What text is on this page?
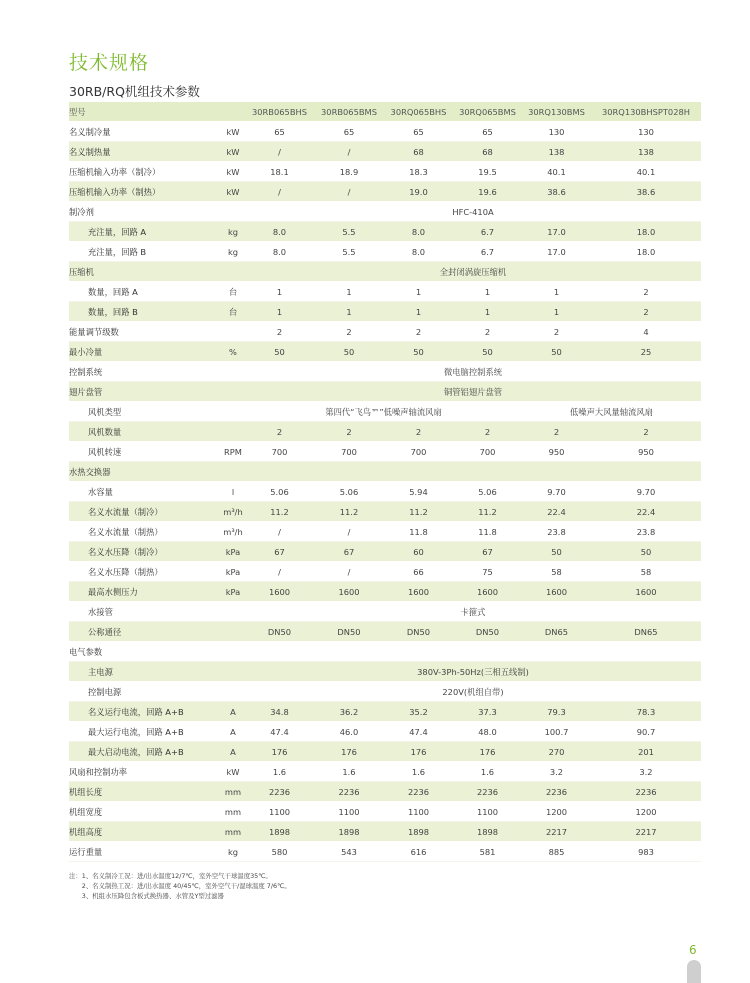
技术规格
30RB/RQ机组技术参数
型号		30RB065BHS	30RB065BMS	30RQ065BHS	30RQ065BMS	30RQ130BMS	30RQ130BHSPT028H
名义制冷量	kW	65	65	65	65	130	130
名义制热量	kW	/	/	68	68	138	138
压缩机输入功率（制冷）	kW	18.1	18.9	18.3	19.5	40.1	40.1
压缩机输入功率（制热）	kW	/	/	19.0	19.6	38.6	38.6
制冷剂		HFC-410A					
充注量，回路 A	kg	8.0	5.5	8.0	6.7	17.0	18.0
充注量，回路 B	kg	8.0	5.5	8.0	6.7	17.0	18.0
压缩机		全封闭涡旋压缩机					
数量，回路 A	台	1	1	1	1	1	2
数量，回路 B	台	1	1	1	1	1	2
能量调节级数		2	2	2	2	2	4
最小冷量	%	50	50	50	50	50	25
控制系统		微电脑控制系统					
翅片盘管		铜管铝翅片盘管					
风机类型		第四代“飞鸟™”低噪声轴流风扇				低噪声大风量轴流风扇	
风机数量		2	2	2	2	2	2
风机转速	RPM	700	700	700	700	950	950
水热交换器							
水容量	l	5.06	5.06	5.94	5.06	9.70	9.70
名义水流量（制冷）	m³/h	11.2	11.2	11.2	11.2	22.4	22.4
名义水流量（制热）	m³/h	/	/	11.8	11.8	23.8	23.8
名义水压降（制冷）	kPa	67	67	60	67	50	50
名义水压降（制热）	kPa	/	/	66	75	58	58
最高水侧压力	kPa	1600	1600	1600	1600	1600	1600
水接管		卡箍式					
公称通径		DN50	DN50	DN50	DN50	DN65	DN65
电气参数							
主电源		380V-3Ph-50Hz(三相五线制)					
控制电源		220V(机组自带)					
名义运行电流，回路 A+B	A	34.8	36.2	35.2	37.3	79.3	78.3
最大运行电流，回路 A+B	A	47.4	46.0	47.4	48.0	100.7	90.7
最大启动电流，回路 A+B	A	176	176	176	176	270	201
风扇和控制功率	kW	1.6	1.6	1.6	1.6	3.2	3.2
机组长度	mm	2236	2236	2236	2236	2236	2236
机组宽度	mm	1100	1100	1100	1100	1200	1200
机组高度	mm	1898	1898	1898	1898	2217	2217
运行重量	kg	580	543	616	581	885	983
注：1、名义制冷工况：进/出水温度12/7℃，室外空气干球温度35℃。
　　2、名义制热工况：进/出水温度 40/45℃，室外空气干/湿球温度 7/6℃。
　　3、机组水压降包含板式换热器、水管及Y型过滤器
6
